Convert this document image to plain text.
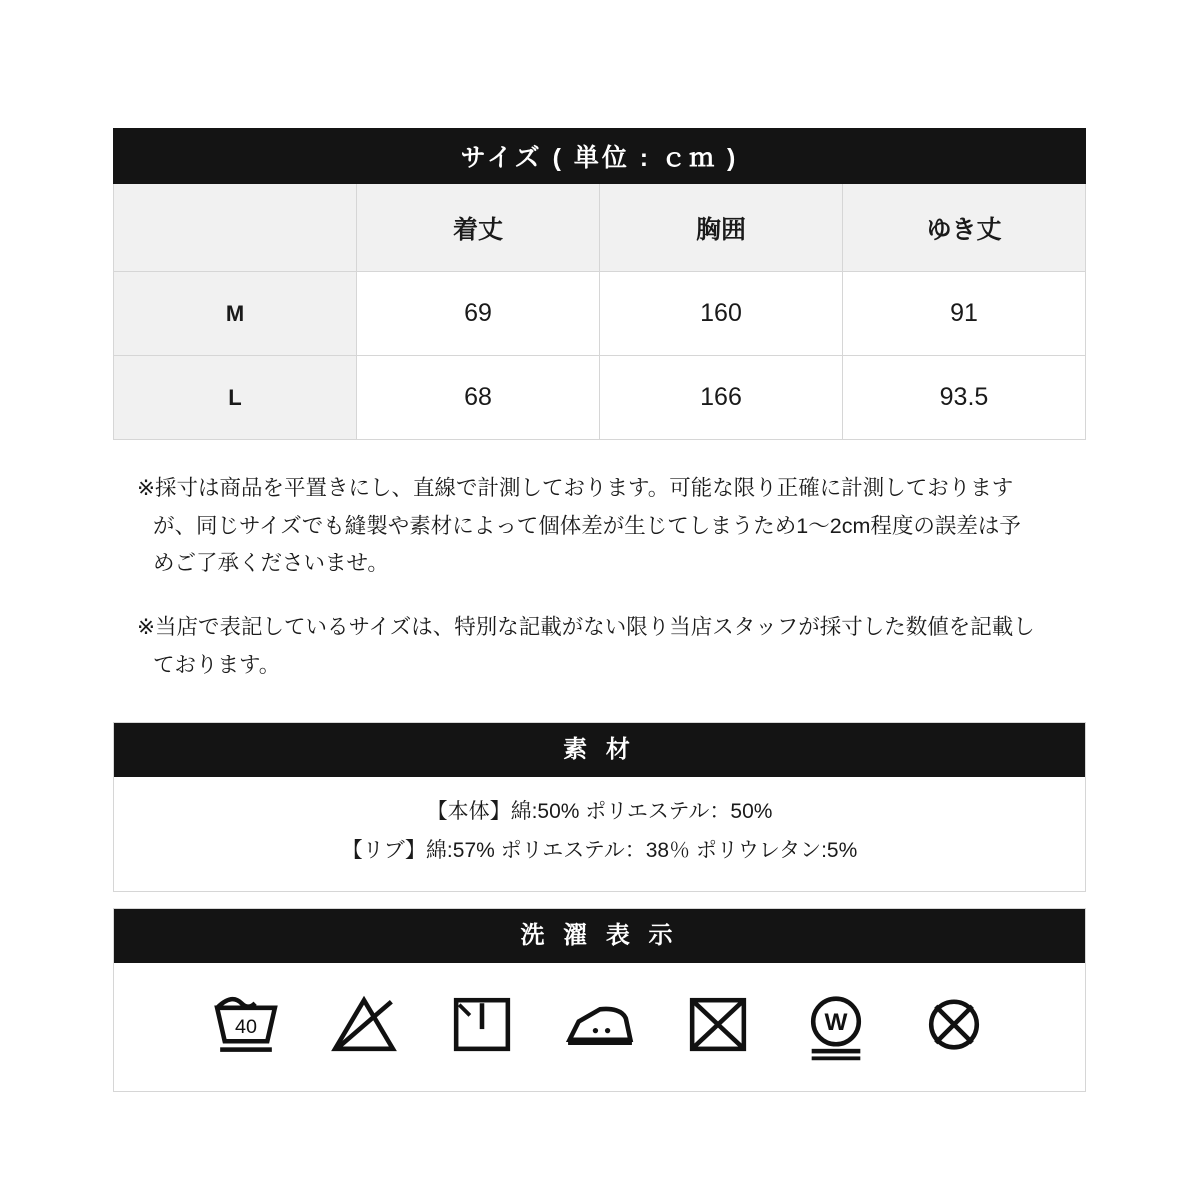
サイズ ( 単位 : ｃｍ )			
	着丈	胸囲	ゆき丈
M	69	160	91
L	68	166	93.5
※採寸は商品を平置きにし、直線で計測しております。可能な限り正確に計測しておりますが、同じサイズでも縫製や素材によって個体差が生じてしまうため1〜2cm程度の誤差は予めご了承くださいませ。
※当店で表記しているサイズは、特別な記載がない限り当店スタッフが採寸した数値を記載しております。
素 材
【本体】綿:50% ポリエステル：50%
【リブ】綿:57% ポリエステル：38％ ポリウレタン:5%
洗 濯 表 示
40	W
